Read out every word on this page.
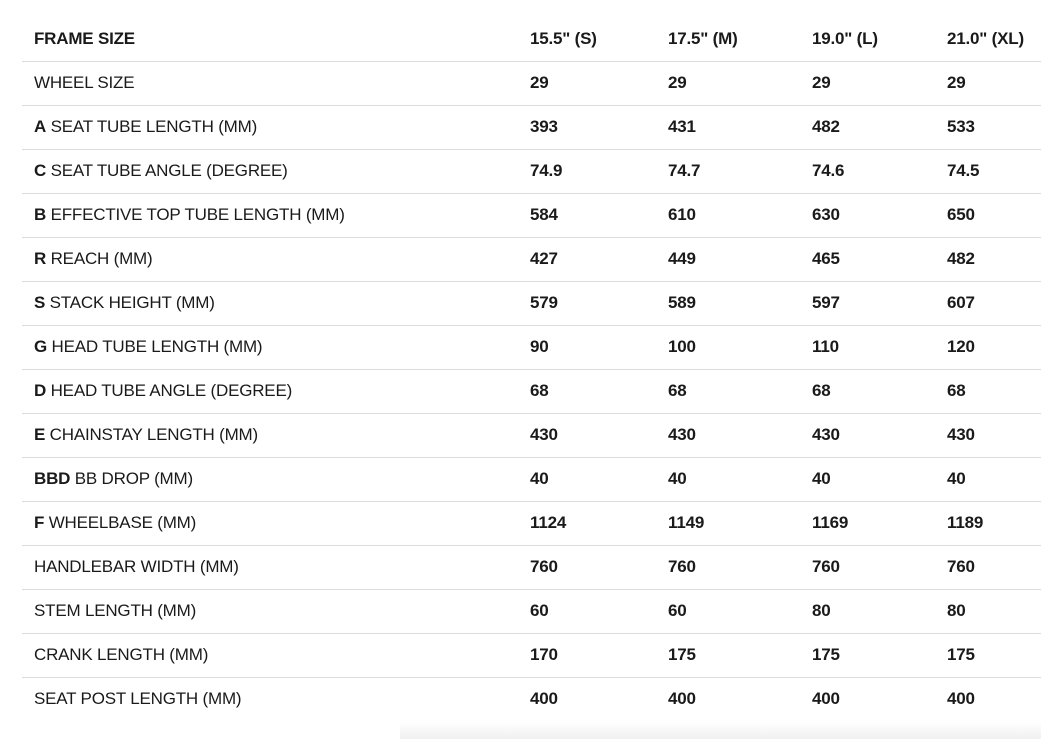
FRAME SIZE	15.5" (S)	17.5" (M)	19.0" (L)	21.0" (XL)
WHEEL SIZE	29	29	29	29
A SEAT TUBE LENGTH (MM)	393	431	482	533
C SEAT TUBE ANGLE (DEGREE)	74.9	74.7	74.6	74.5
B EFFECTIVE TOP TUBE LENGTH (MM)	584	610	630	650
R REACH (MM)	427	449	465	482
S STACK HEIGHT (MM)	579	589	597	607
G HEAD TUBE LENGTH (MM)	90	100	110	120
D HEAD TUBE ANGLE (DEGREE)	68	68	68	68
E CHAINSTAY LENGTH (MM)	430	430	430	430
BBD BB DROP (MM)	40	40	40	40
F WHEELBASE (MM)	1124	1149	1169	1189
HANDLEBAR WIDTH (MM)	760	760	760	760
STEM LENGTH (MM)	60	60	80	80
CRANK LENGTH (MM)	170	175	175	175
SEAT POST LENGTH (MM)	400	400	400	400
